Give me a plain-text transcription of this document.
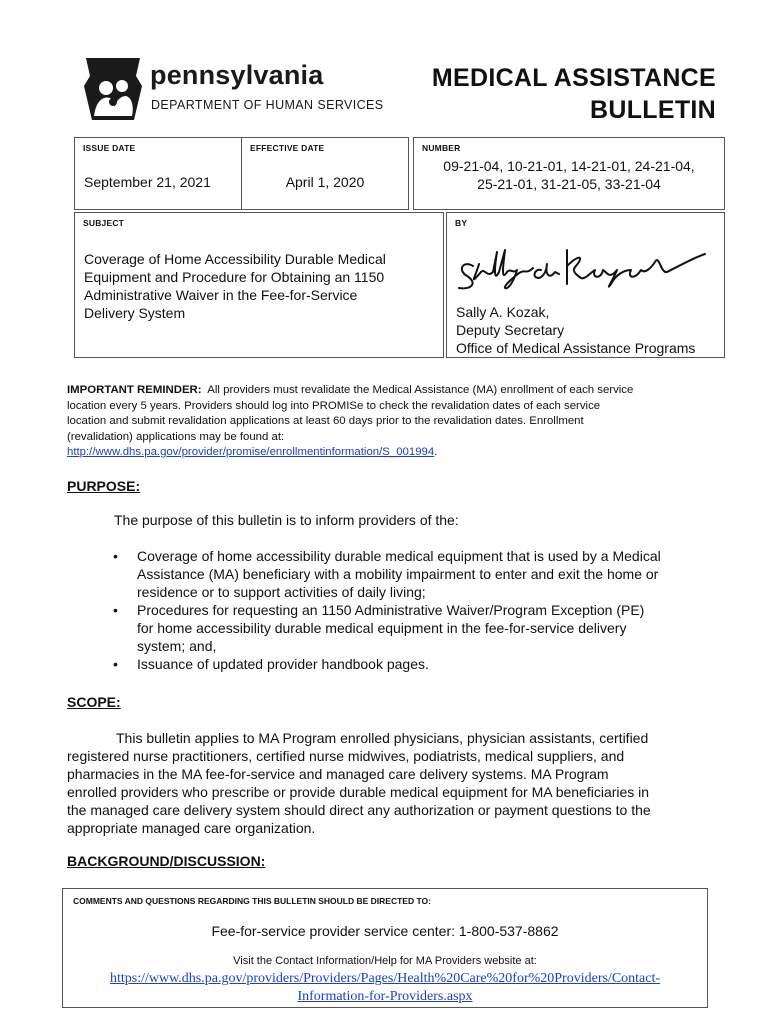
pennsylvania
DEPARTMENT OF HUMAN SERVICES
MEDICAL ASSISTANCE
BULLETIN
ISSUE DATE
September 21, 2021
EFFECTIVE DATE
April 1, 2020
NUMBER
09-21-04, 10-21-01, 14-21-01, 24-21-04,
25-21-01, 31-21-05, 33-21-04
SUBJECT
Coverage of Home Accessibility Durable Medical
Equipment and Procedure for Obtaining an 1150
Administrative Waiver in the Fee-for-Service
Delivery System
BY
Sally A. Kozak,
Deputy Secretary
Office of Medical Assistance Programs
IMPORTANT REMINDER: All providers must revalidate the Medical Assistance (MA) enrollment of each service
location every 5 years. Providers should log into PROMISe to check the revalidation dates of each service
location and submit revalidation applications at least 60 days prior to the revalidation dates. Enrollment
(revalidation) applications may be found at:
http://www.dhs.pa.gov/provider/promise/enrollmentinformation/S_001994.
PURPOSE:
The purpose of this bulletin is to inform providers of the:
• Coverage of home accessibility durable medical equipment that is used by a Medical
Assistance (MA) beneficiary with a mobility impairment to enter and exit the home or
residence or to support activities of daily living;
• Procedures for requesting an 1150 Administrative Waiver/Program Exception (PE)
for home accessibility durable medical equipment in the fee-for-service delivery
system; and,
• Issuance of updated provider handbook pages.
SCOPE:
This bulletin applies to MA Program enrolled physicians, physician assistants, certified
registered nurse practitioners, certified nurse midwives, podiatrists, medical suppliers, and
pharmacies in the MA fee-for-service and managed care delivery systems. MA Program
enrolled providers who prescribe or provide durable medical equipment for MA beneficiaries in
the managed care delivery system should direct any authorization or payment questions to the
appropriate managed care organization.
BACKGROUND/DISCUSSION:
COMMENTS AND QUESTIONS REGARDING THIS BULLETIN SHOULD BE DIRECTED TO:
Fee-for-service provider service center: 1-800-537-8862
Visit the Contact Information/Help for MA Providers website at:
https://www.dhs.pa.gov/providers/Providers/Pages/Health%20Care%20for%20Providers/Contact-
Information-for-Providers.aspx
